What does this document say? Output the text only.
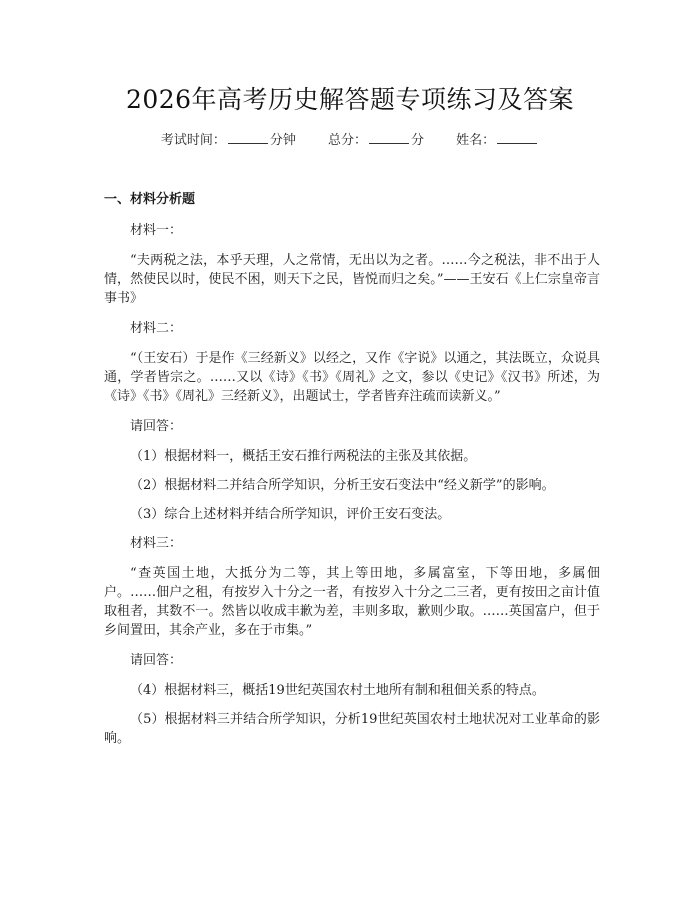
2026年高考历史解答题专项练习及答案
考试时间：	分钟 总分：	分 姓名：
一、材料分析题
材料一：
“夫两税之法，本乎天理，人之常情，无出以为之者。……今之税法，非不出于人情，然使民以时，使民不困，则天下之民，皆悦而归之矣。”——王安石《上仁宗皇帝言事书》
材料二：
“（王安石）于是作《三经新义》以经之，又作《字说》以通之，其法既立，众说具通，学者皆宗之。……又以《诗》《书》《周礼》之文，参以《史记》《汉书》所述，为《诗》《书》《周礼》三经新义》，出题试士，学者皆弃注疏而读新义。”
请回答：
（1）根据材料一，概括王安石推行两税法的主张及其依据。
（2）根据材料二并结合所学知识，分析王安石变法中“经义新学”的影响。
（3）综合上述材料并结合所学知识，评价王安石变法。
材料三：
“查英国土地，大抵分为二等，其上等田地，多属富室，下等田地，多属佃户。……佃户之租，有按岁入十分之一者，有按岁入十分之二三者，更有按田之亩计值取租者，其数不一。然皆以收成丰歉为差，丰则多取，歉则少取。……英国富户，但于乡间置田，其余产业，多在于市集。”
请回答：
（4）根据材料三，概括19世纪英国农村土地所有制和租佃关系的特点。
（5）根据材料三并结合所学知识，分析19世纪英国农村土地状况对工业革命的影响。
